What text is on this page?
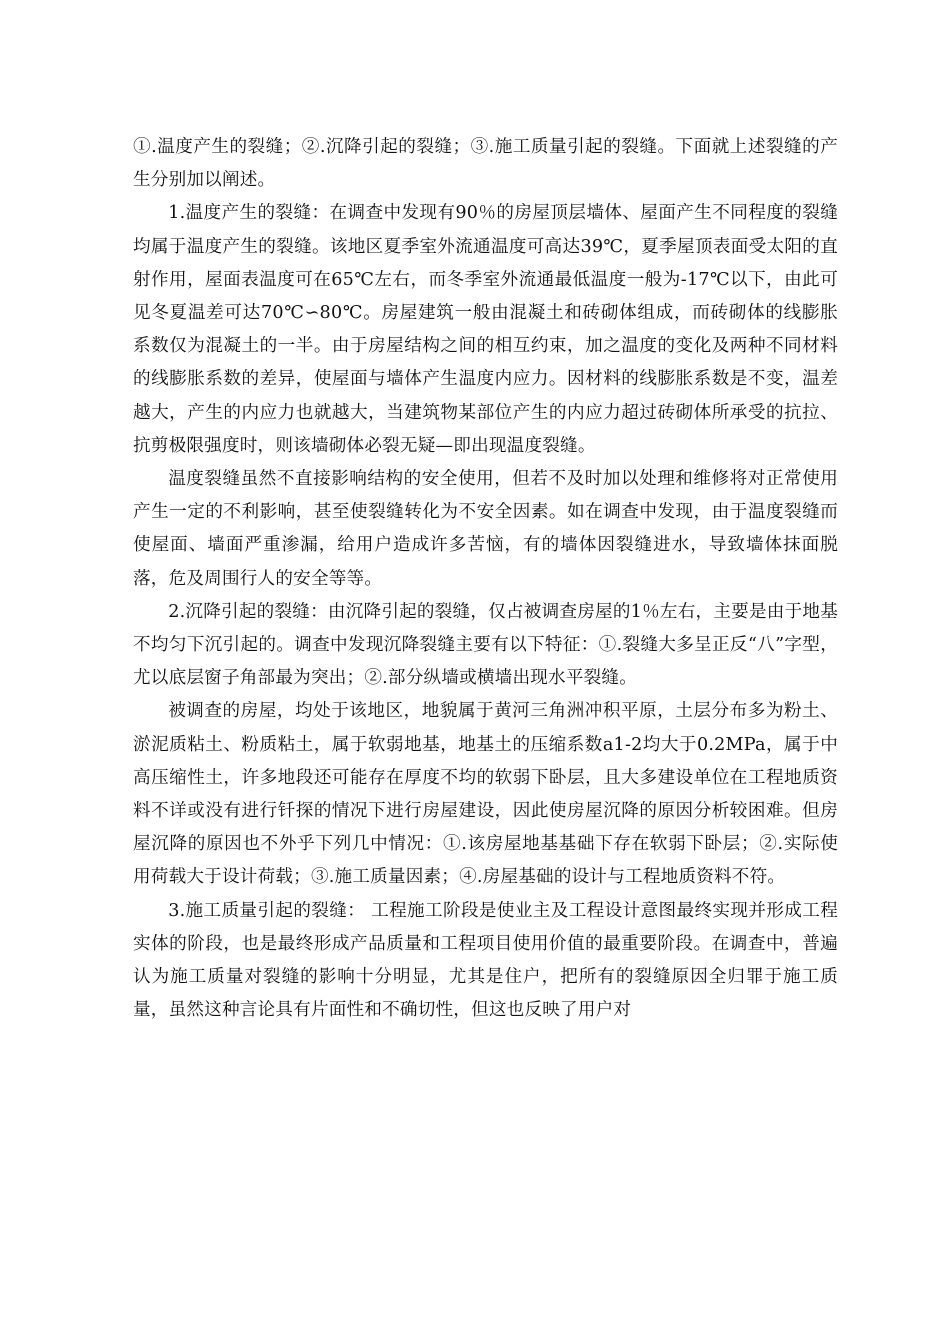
①.温度产生的裂缝；②.沉降引起的裂缝；③.施工质量引起的裂缝。下面就上述裂缝的产生分别加以阐述。

1.温度产生的裂缝：在调查中发现有90％的房屋顶层墙体、屋面产生不同程度的裂缝均属于温度产生的裂缝。该地区夏季室外流通温度可高达39℃，夏季屋顶表面受太阳的直射作用，屋面表温度可在65℃左右，而冬季室外流通最低温度一般为-17℃以下，由此可见冬夏温差可达70℃∽80℃。房屋建筑一般由混凝土和砖砌体组成，而砖砌体的线膨胀系数仅为混凝土的一半。由于房屋结构之间的相互约束，加之温度的变化及两种不同材料的线膨胀系数的差异，使屋面与墙体产生温度内应力。因材料的线膨胀系数是不变，温差越大，产生的内应力也就越大，当建筑物某部位产生的内应力超过砖砌体所承受的抗拉、抗剪极限强度时，则该墙砌体必裂无疑—即出现温度裂缝。

温度裂缝虽然不直接影响结构的安全使用，但若不及时加以处理和维修将对正常使用产生一定的不利影响，甚至使裂缝转化为不安全因素。如在调查中发现，由于温度裂缝而使屋面、墙面严重渗漏，给用户造成许多苦恼，有的墙体因裂缝进水，导致墙体抹面脱落，危及周围行人的安全等等。

2.沉降引起的裂缝：由沉降引起的裂缝，仅占被调查房屋的1％左右，主要是由于地基不均匀下沉引起的。调查中发现沉降裂缝主要有以下特征：①.裂缝大多呈正反“八”字型，尤以底层窗子角部最为突出；②.部分纵墙或横墙出现水平裂缝。

被调查的房屋，均处于该地区，地貌属于黄河三角洲冲积平原，土层分布多为粉土、淤泥质粘土、粉质粘土，属于软弱地基，地基土的压缩系数a1-2均大于0.2MPa，属于中高压缩性土，许多地段还可能存在厚度不均的软弱下卧层，且大多建设单位在工程地质资料不详或没有进行钎探的情况下进行房屋建设，因此使房屋沉降的原因分析较困难。但房屋沉降的原因也不外乎下列几中情况：①.该房屋地基基础下存在软弱下卧层；②.实际使用荷载大于设计荷载；③.施工质量因素；④.房屋基础的设计与工程地质资料不符。

3.施工质量引起的裂缝： 工程施工阶段是使业主及工程设计意图最终实现并形成工程实体的阶段，也是最终形成产品质量和工程项目使用价值的最重要阶段。在调查中，普遍认为施工质量对裂缝的影响十分明显，尤其是住户，把所有的裂缝原因全归罪于施工质量，虽然这种言论具有片面性和不确切性，但这也反映了用户对
